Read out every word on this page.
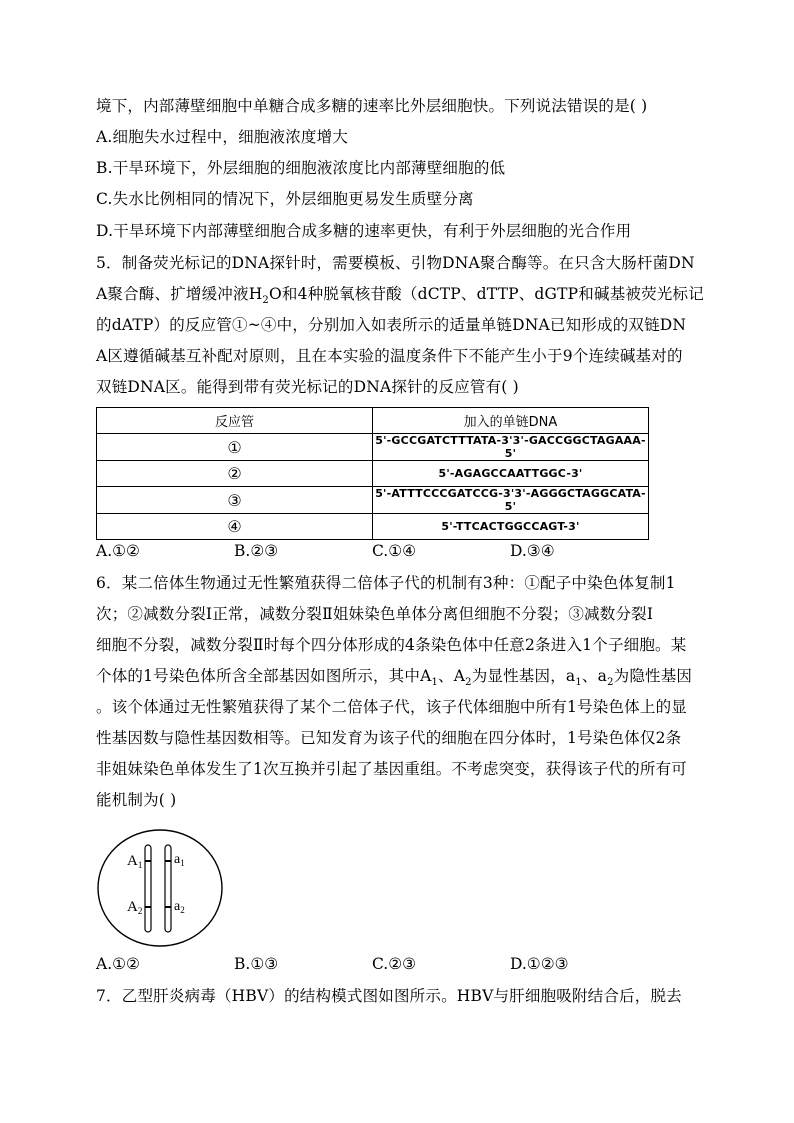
境下，内部薄壁细胞中单糖合成多糖的速率比外层细胞快。下列说法错误的是( )
A.细胞失水过程中，细胞液浓度增大
B.干旱环境下，外层细胞的细胞液浓度比内部薄壁细胞的低
C.失水比例相同的情况下，外层细胞更易发生质壁分离
D.干旱环境下内部薄壁细胞合成多糖的速率更快，有利于外层细胞的光合作用
5．制备荧光标记的DNA探针时，需要模板、引物DNA聚合酶等。在只含大肠杆菌DN
A聚合酶、扩增缓冲液$H_2O$和4种脱氧核苷酸（dCTP、dTTP、dGTP和碱基被荧光标记
的dATP）的反应管①~④中，分别加入如表所示的适量单链DNA已知形成的双链DN
A区遵循碱基互补配对原则，且在本实验的温度条件下不能产生小于9个连续碱基对的
双链DNA区。能得到带有荧光标记的DNA探针的反应管有( )
反应管	加入的单链DNA
①	5'-GCCGATCTTTATA-3'3'-GACCGGCTAGAAA-5'
②	5'-AGAGCCAATTGGC-3'
③	5'-ATTTCCCGATCCG-3'3'-AGGGCTAGGCATA-5'
④	5'-TTCACTGGCCAGT-3'
A.①②	B.②③	C.①④	D.③④
6．某二倍体生物通过无性繁殖获得二倍体子代的机制有3种：①配子中染色体复制1
次；②减数分裂Ⅰ正常，减数分裂Ⅱ姐妹染色单体分离但细胞不分裂；③减数分裂Ⅰ
细胞不分裂，减数分裂Ⅱ时每个四分体形成的4条染色体中任意2条进入1个子细胞。某
个体的1号染色体所含全部基因如图所示，其中$A_1$、$A_2$为显性基因，$a_1$、$a_2$为隐性基因
。该个体通过无性繁殖获得了某个二倍体子代，该子代体细胞中所有1号染色体上的显
性基因数与隐性基因数相等。已知发育为该子代的细胞在四分体时，1号染色体仅2条
非姐妹染色单体发生了1次互换并引起了基因重组。不考虑突变，获得该子代的所有可
能机制为( )
$A_1$ $a_1$
$A_2$ $a_2$
A.①②	B.①③	C.②③	D.①②③
7．乙型肝炎病毒（HBV）的结构模式图如图所示。HBV与肝细胞吸附结合后，脱去
